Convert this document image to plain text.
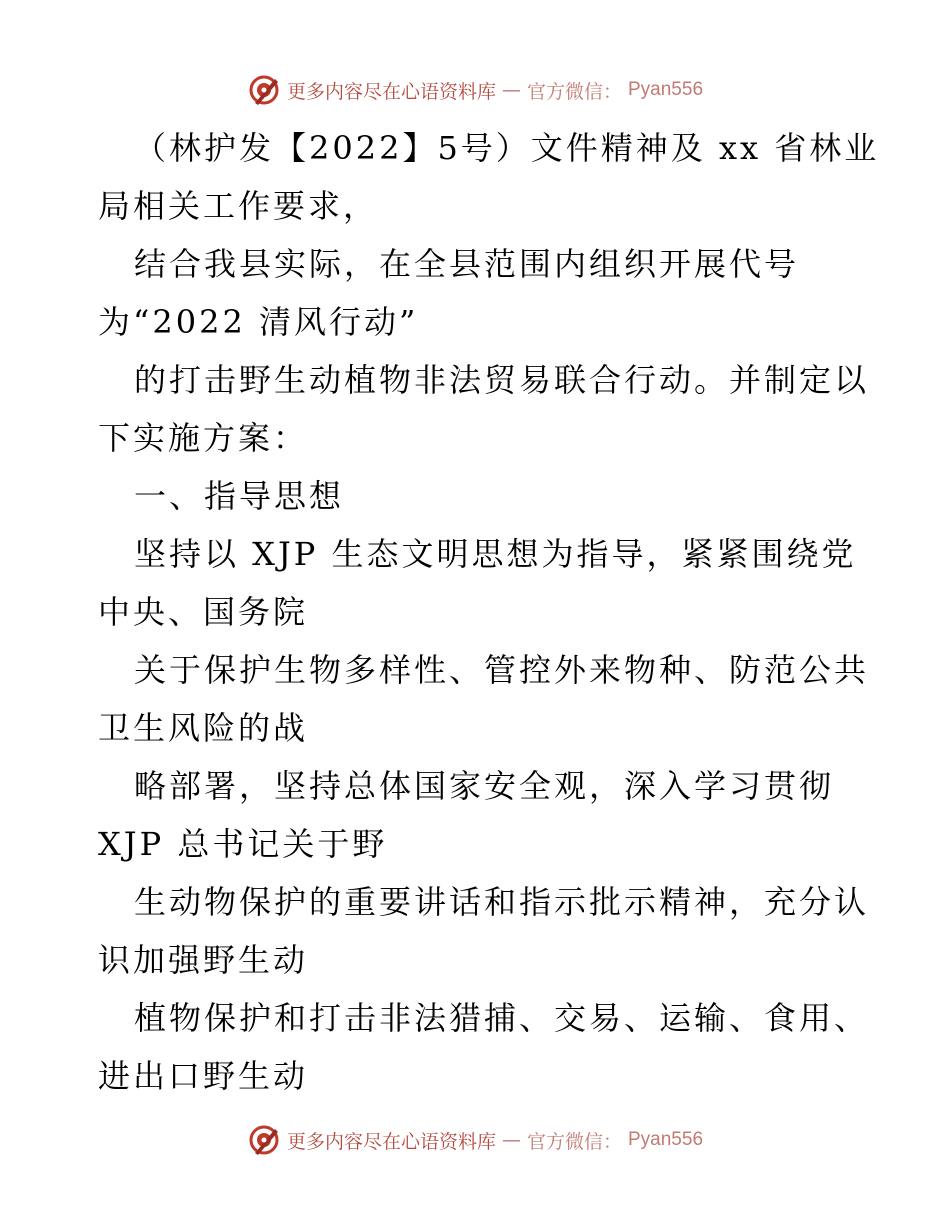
更多内容尽在心语资料库 — 官方微信： Pyan556
（林护发【2022】5号）文件精神及 xx 省林业
局相关工作要求，
结合我县实际，在全县范围内组织开展代号
为“2022 清风行动”
的打击野生动植物非法贸易联合行动。并制定以
下实施方案：
一、指导思想
坚持以 XJP 生态文明思想为指导，紧紧围绕党
中央、国务院
关于保护生物多样性、管控外来物种、防范公共
卫生风险的战
略部署，坚持总体国家安全观，深入学习贯彻
XJP 总书记关于野
生动物保护的重要讲话和指示批示精神，充分认
识加强野生动
植物保护和打击非法猎捕、交易、运输、食用、
进出口野生动
更多内容尽在心语资料库 — 官方微信： Pyan556
